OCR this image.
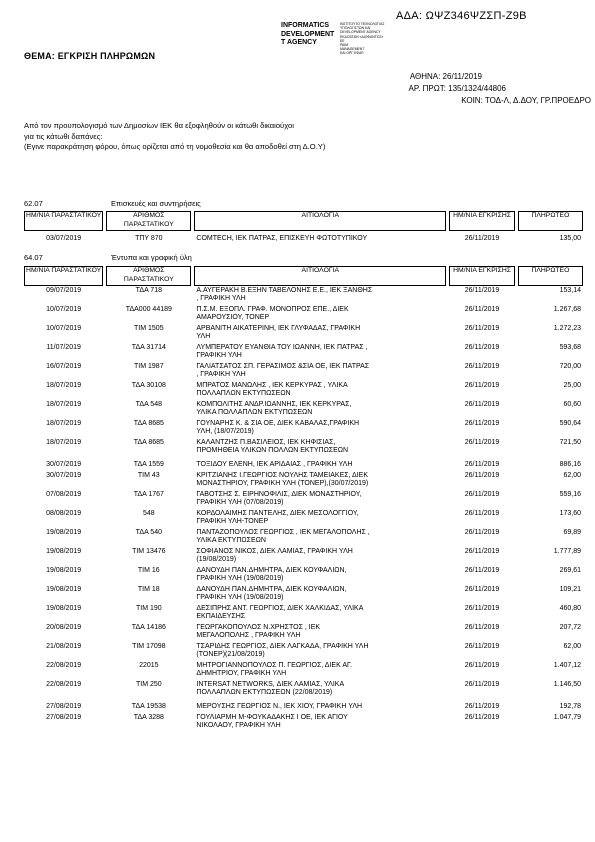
ΑΔΑ: ΩΨΖ346ΨΖΣΠ-Ζ9Β
INFORMATICS
DEVELOPMENT
T AGENCY
ΙΝΣΤΙΤΟΥΤΟ ΤΕΧΝΟΛΟΓΙΑΣ
ΥΠΟΛΟΓΙΣΤΩΝ ΚΑΙ
DEVELOPMENT AGENCY
ΕΚΔΟΣΕΩΝ «ΔΙΟΦΑΝΤΟΣ»
ΕΕ
PAIM
MANAGEMENT
ΚΑΙ ΟΡΓ ΕΦΑΡ.
ΘΕΜΑ: ΕΓΚΡΙΣΗ ΠΛΗΡΩΜΩΝ
ΑΘΗΝΑ: 26/11/2019
ΑΡ. ΠΡΩΤ: 135/1324/44806
ΚΟΙΝ: ΤΟΔ-Λ, Δ.ΔΟΥ, ΓΡ.ΠΡΟΕΔΡΟ
Από τον προυπολογισμό των Δημοσίων ΙΕΚ θα εξοφληθούν οι κάτωθι δικαιούχοι
για τις κάτωθι δαπάνες:
(Εγινε παρακράτηση φόρου, όπως ορίζεται από τη νομοθεσία και θα αποδοθεί στη Δ.Ο.Υ)
62.07	Επισκευές και συντηρήσεις
ΗΜ/ΝΙΑ ΠΑΡΑΣΤΑΤΙΚΟΥ		ΑΡΙΘΜΟΣ ΠΑΡΑΣΤΑΤΙΚΟΥ		ΑΙΤΙΟΛΟΓΙΑ		ΗΜ/ΝΙΑ ΕΓΚΡΙΣΗΣ		ΠΛΗΡΩΤΕΟ
03/07/2019		ΤΠΥ 870		COMTECH, ΙΕΚ ΠΑΤΡΑΣ, ΕΠΙΣΚΕΥΗ ΦΩΤΟΤΥΠΙΚΟΥ		26/11/2019		135,00
64.07	Έντυπα και γραφική ύλη
ΗΜ/ΝΙΑ ΠΑΡΑΣΤΑΤΙΚΟΥ		ΑΡΙΘΜΟΣ ΠΑΡΑΣΤΑΤΙΚΟΥ		ΑΙΤΙΟΛΟΓΙΑ		ΗΜ/ΝΙΑ ΕΓΚΡΙΣΗΣ		ΠΛΗΡΩΤΕΟ
09/07/2019		ΤΔΑ 718		Α.ΑΥΓΕΡΑΚΗ Β.ΕΞΗΝ ΤΑΒΕΛΟΝΗΣ Ε.Ε., ΙΕΚ ΞΑΝΘΗΣ
, ΓΡΑΦΙΚΗ ΥΛΗ		26/11/2019		153,14
10/07/2019		ΤΔΑ000 44189		Π.Σ.Μ. ΕΞΟΠΛ. ΓΡΑΦ. ΜΟΝΟΠΡΟΣ ΕΠΕ., ΔΙΕΚ
ΑΜΑΡΟΥΣΙΟΥ, ΤΟΝΕΡ		26/11/2019		1.267,68
10/07/2019		ΤΙΜ 1505		ΑΡΒΑΝΙΤΗ ΑΙΚΑΤΕΡΙΝΗ, ΙΕΚ ΓΛΥΦΑΔΑΣ, ΓΡΑΦΙΚΗ
ΥΛΗ		26/11/2019		1.272,23
11/07/2019		ΤΔΑ 31714		ΛΥΜΠΕΡΑΤΟΥ ΕΥΑΝΘΙΑ ΤΟΥ ΙΩΑΝΝΗ, ΙΕΚ ΠΑΤΡΑΣ ,
ΓΡΑΦΙΚΗ ΥΛΗ		26/11/2019		593,68
16/07/2019		ΤΙΜ 1987		ΓΑΛΙΑΤΣΑΤΟΣ ΣΠ. ΓΕΡΑΣΙΜΟΣ &ΣΙΑ ΟΕ, ΙΕΚ ΠΑΤΡΑΣ
, ΓΡΑΦΙΚΗ ΥΛΗ		26/11/2019		720,00
18/07/2019		ΤΔΑ 30108		ΜΠΡΑΤΟΣ ΜΑΝΩΛΗΣ , ΙΕΚ ΚΕΡΚΥΡΑΣ , ΥΛΙΚΑ
ΠΟΛΛΑΠΛΩΝ ΕΚΤΥΠΩΣΕΩΝ		26/11/2019		25,00
18/07/2019		ΤΔΑ 548		ΚΟΜΠΟΛΙΤΗΣ ΑΝΔΡ.ΙΩΑΝΝΗΣ, ΙΕΚ ΚΕΡΚΥΡΑΣ,
ΥΛΙΚΑ ΠΟΛΛΑΠΛΩΝ ΕΚΤΥΠΩΣΕΩΝ		26/11/2019		60,60
18/07/2019		ΤΔΑ 8685		ΓΟΥΝΑΡΗΣ Κ. & ΣΙΑ ΟΕ, ΔΙΕΚ ΚΑΒΑΛΑΣ,ΓΡΑΦΙΚΗ
ΥΛΗ, (18/07/2019)		26/11/2019		590,64
18/07/2019		ΤΔΑ 8685		ΚΑΛΑΝΤΖΗΣ Π.ΒΑΣΙΛΕΙΟΣ, ΙΕΚ ΚΗΦΙΣΙΑΣ,
ΠΡΟΜΗΘΕΙΑ ΥΛΙΚΩΝ ΠΟΛΛΩΝ ΕΚΤΥΠΩΣΕΩΝ		26/11/2019		721,50
30/07/2019		ΤΔΑ 1559		ΤΟΞΙΔΟΥ ΕΛΕΝΗ, ΙΕΚ ΑΡΙΔΑΙΑΣ , ΓΡΑΦΙΚΗ ΥΛΗ		26/11/2019		886,16
30/07/2019		ΤΙΜ 43		ΚΡΙΤΖΙΑΝΗΣ Ι.ΓΕΩΡΓΙΟΣ ΝΟΥΛΗΣ ΤΑΜΕΙΑΚΕΣ, ΔΙΕΚ
ΜΟΝΑΣΤΗΡΙΟΥ, ΓΡΑΦΙΚΗ ΥΛΗ (ΤΟΝΕΡ),(30/07/2019)		26/11/2019		62,00
07/08/2019		ΤΔΑ 1767		ΓΑΒΟΤΣΗΣ Σ. ΕΙΡΗΝΟΦΙΛΙΣ, ΔΙΕΚ ΜΟΝΑΣΤΗΡΙΟΥ,
ΓΡΑΦΙΚΗ ΥΛΗ (07/08/2019)		26/11/2019		559,16
08/08/2019		548		ΚΟΡΔΟΛΑΙΜΗΣ ΠΑΝΤΕΛΗΣ, ΔΙΕΚ ΜΕΣΟΛΟΓΓΙΟΥ,
ΓΡΑΦΙΚΗ ΥΛΗ-ΤΟΝΕΡ		26/11/2019		173,60
19/08/2019		ΤΔΑ 540		ΠΑΝΤΑΖΟΠΟΥΛΟΣ ΓΕΩΡΓΙΟΣ , ΙΕΚ ΜΕΓΑΛΟΠΟΛΗΣ ,
ΥΛΙΚΑ ΕΚΤΥΠΩΣΕΩΝ		26/11/2019		69,89
19/08/2019		ΤΙΜ 13476		ΣΟΦΙΑΝΟΣ ΝΙΚΟΣ, ΔΙΕΚ ΛΑΜΙΑΣ, ΓΡΑΦΙΚΗ ΥΛΗ
(19/08/2019)		26/11/2019		1.777,89
19/08/2019		ΤΙΜ 16		ΔΑΝΟΥΔΗ ΠΑΝ.ΔΗΜΗΤΡΑ, ΔΙΕΚ ΚΟΥΦΑΛΙΩΝ,
ΓΡΑΦΙΚΗ ΥΛΗ (19/08/2019)		26/11/2019		269,61
19/08/2019		ΤΙΜ 18		ΔΑΝΟΥΔΗ ΠΑΝ.ΔΗΜΗΤΡΑ, ΔΙΕΚ ΚΟΥΦΑΛΙΩΝ,
ΓΡΑΦΙΚΗ ΥΛΗ (19/08/2019)		26/11/2019		109,21
19/08/2019		ΤΙΜ 190		ΔΕΣΙΠΡΗΣ ΑΝΤ. ΓΕΩΡΓΙΟΣ, ΔΙΕΚ ΧΑΛΚΙΔΑΣ, ΥΛΙΚΑ
ΕΚΠΑΙΔΕΥΣΗΣ		26/11/2019		460,80
20/08/2019		ΤΔΑ 14186		ΓΕΩΡΓΑΚΟΠΟΥΛΟΣ Ν.ΧΡΗΣΤΟΣ , ΙΕΚ
ΜΕΓΑΛΟΠΟΛΗΣ , ΓΡΑΦΙΚΗ ΥΛΗ		26/11/2019		207,72
21/08/2019		ΤΙΜ 17098		ΤΣΑΡΙΔΗΣ ΓΕΩΡΓΙΟΣ, ΔΙΕΚ ΛΑΓΚΑΔΑ, ΓΡΑΦΙΚΗ ΥΛΗ
(ΤΟΝΕΡ)(21/08/2019)		26/11/2019		62,00
22/08/2019		22015		ΜΗΤΡΟΓΙΑΝΝΟΠΟΥΛΟΣ Π. ΓΕΩΡΓΙΟΣ, ΔΙΕΚ ΑΓ.
ΔΗΜΗΤΡΙΟΥ, ΓΡΑΦΙΚΗ ΥΛΗ		26/11/2019		1.407,12
22/08/2019		ΤΙΜ 250		INTERSAT NETWORKS, ΔΙΕΚ ΛΑΜΙΑΣ, ΥΛΙΚΑ
ΠΟΛΛΑΠΛΩΝ ΕΚΤΥΠΩΣΕΩΝ (22/08/2019)		26/11/2019		1.146,50
27/08/2019		ΤΔΑ 19538		ΜΕΡΟΥΣΗΣ ΓΕΩΡΓΙΟΣ Ν., ΙΕΚ ΧΙΟΥ, ΓΡΑΦΙΚΗ ΥΛΗ		26/11/2019		192,78
27/08/2019		ΤΔΑ 3288		ΓΟΥΛΙΑΡΜΗ Μ-ΦΟΥΚΑΔΑΚΗΣ Ι ΟΕ, ΙΕΚ ΑΓΙΟΥ
ΝΙΚΟΛΑΟΥ, ΓΡΑΦΙΚΗ ΥΛΗ		26/11/2019		1.047,79
